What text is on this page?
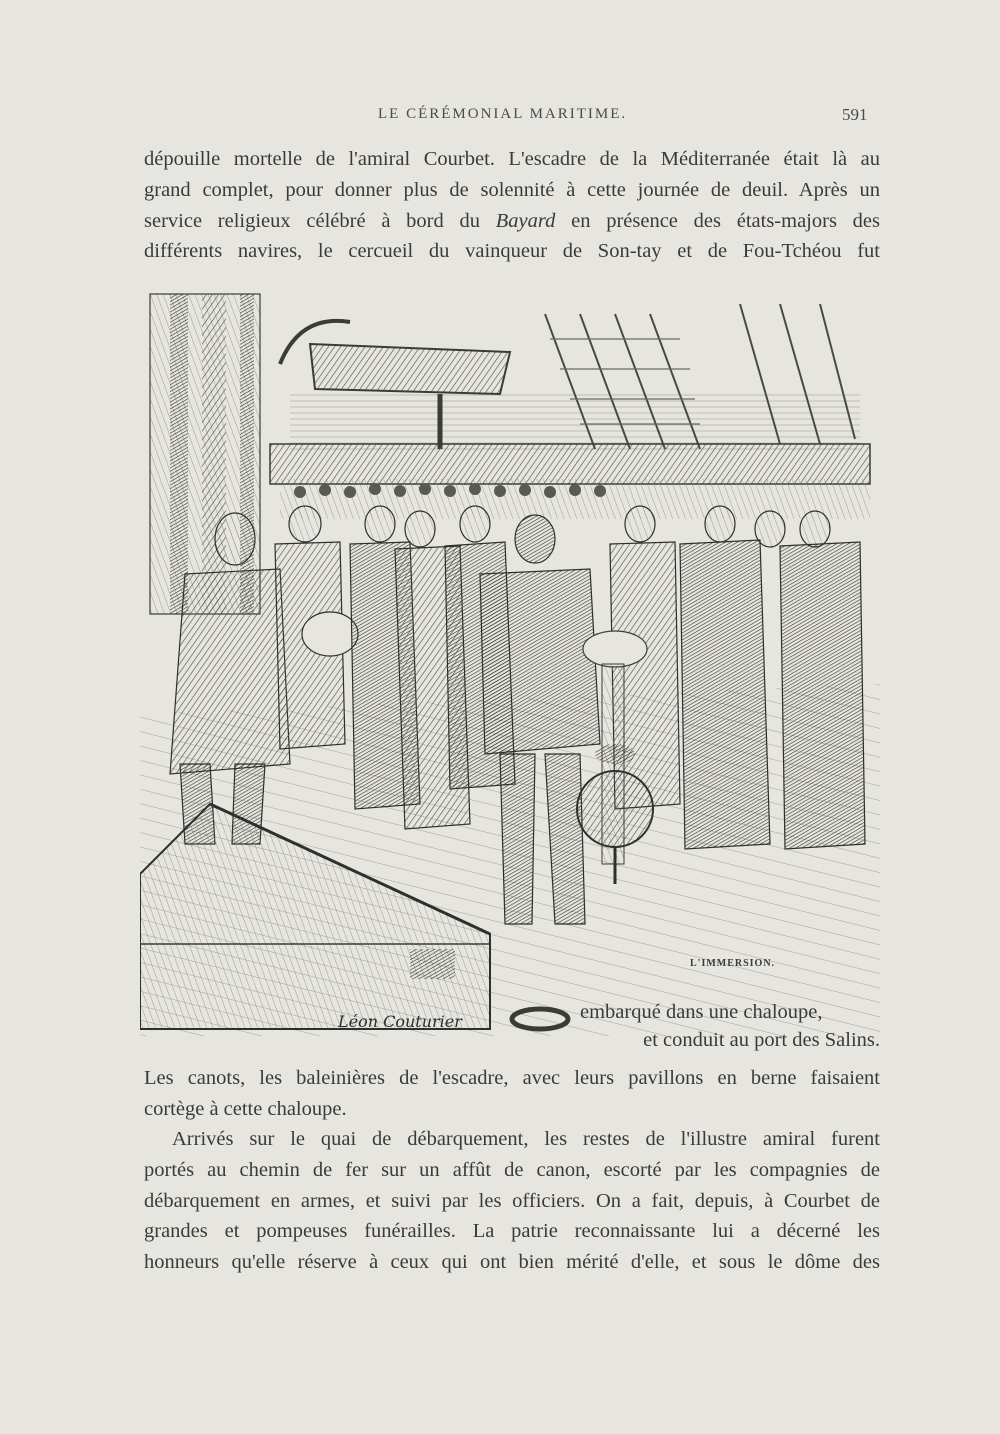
LE CÉRÉMONIAL MARITIME.	591
dépouille mortelle de l'amiral Courbet. L'escadre de la Méditerranée était là au
grand complet, pour donner plus de solennité à cette journée de deuil. Après un
service religieux célébré à bord du Bayard en présence des états-majors des
différents navires, le cercueil du vainqueur de Son-tay et de Fou-Tchéou fut
L'IMMERSION.
Léon Couturier	embarqué dans une chaloupe,
et conduit au port des Salins.
Les canots, les baleinières de l'escadre, avec leurs pavillons en berne faisaient
cortège à cette chaloupe.
Arrivés sur le quai de débarquement, les restes de l'illustre amiral furent
portés au chemin de fer sur un affût de canon, escorté par les compagnies de
débarquement en armes, et suivi par les officiers. On a fait, depuis, à Courbet de
grandes et pompeuses funérailles. La patrie reconnaissante lui a décerné les
honneurs qu'elle réserve à ceux qui ont bien mérité d'elle, et sous le dôme des
